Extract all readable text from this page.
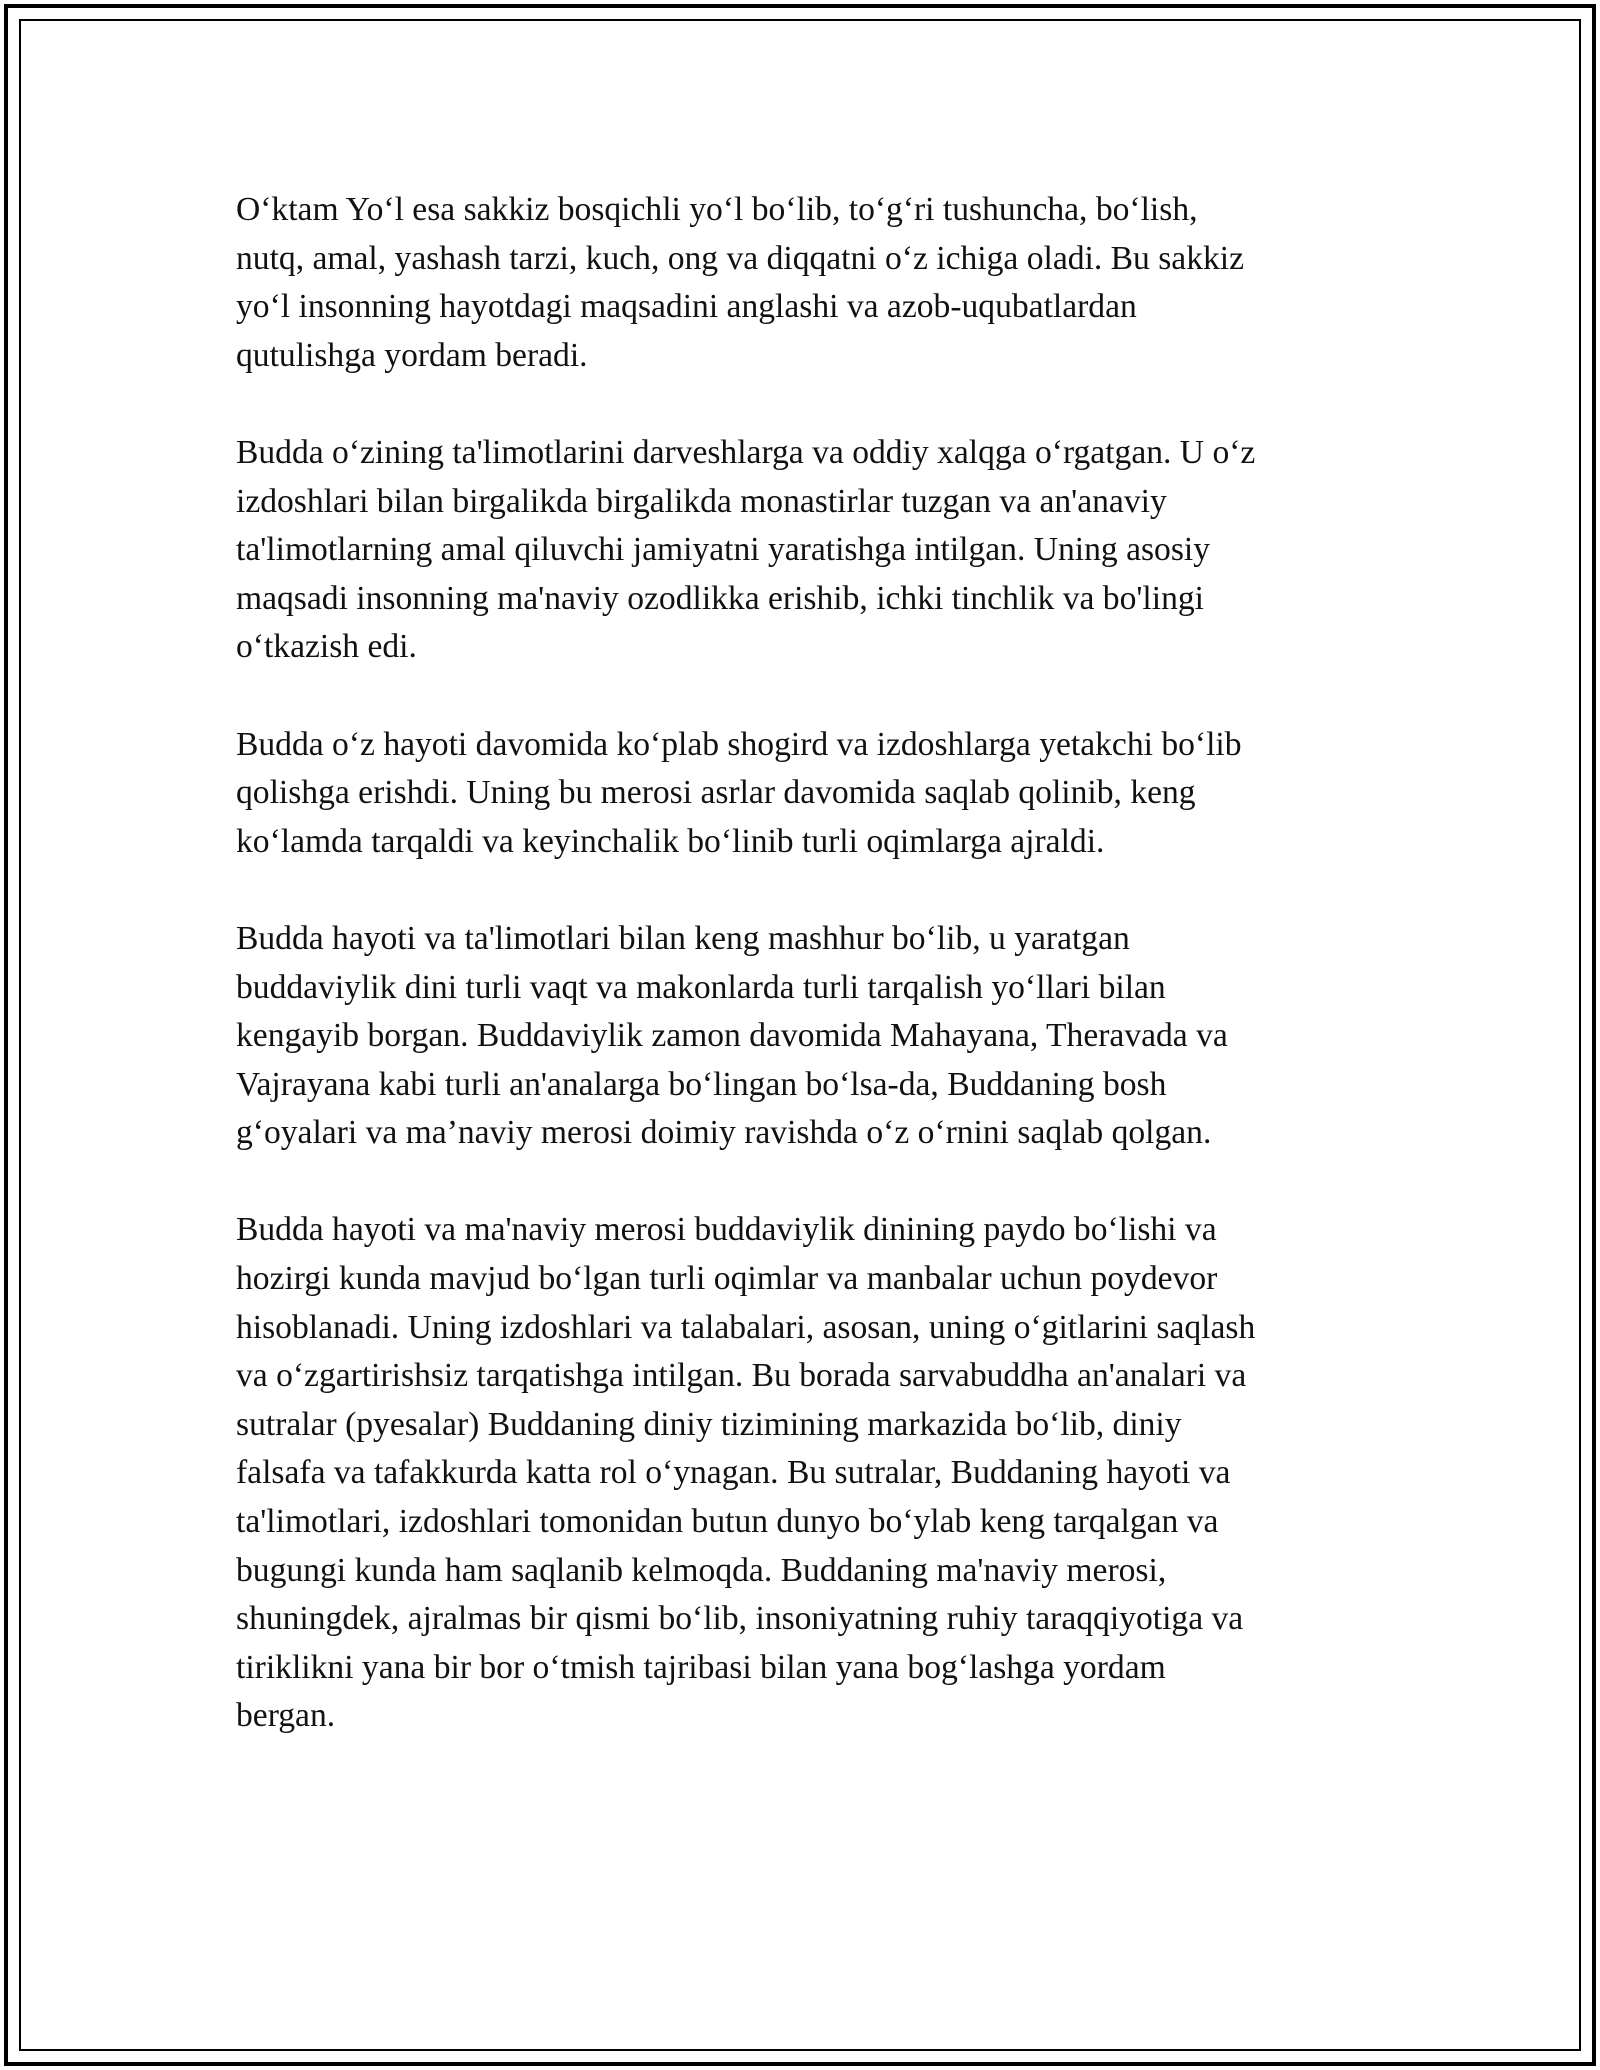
O‘ktam Yo‘l esa sakkiz bosqichli yo‘l bo‘lib, to‘g‘ri tushuncha, bo‘lish,
nutq, amal, yashash tarzi, kuch, ong va diqqatni o‘z ichiga oladi. Bu sakkiz
yo‘l insonning hayotdagi maqsadini anglashi va azob-uqubatlardan
qutulishga yordam beradi.

Budda o‘zining ta'limotlarini darveshlarga va oddiy xalqga o‘rgatgan. U o‘z
izdoshlari bilan birgalikda birgalikda monastirlar tuzgan va an'anaviy
ta'limotlarning amal qiluvchi jamiyatni yaratishga intilgan. Uning asosiy
maqsadi insonning ma'naviy ozodlikka erishib, ichki tinchlik va bo'lingi
o‘tkazish edi.

Budda o‘z hayoti davomida ko‘plab shogird va izdoshlarga yetakchi bo‘lib
qolishga erishdi. Uning bu merosi asrlar davomida saqlab qolinib, keng
ko‘lamda tarqaldi va keyinchalik bo‘linib turli oqimlarga ajraldi.

Budda hayoti va ta'limotlari bilan keng mashhur bo‘lib, u yaratgan
buddaviylik dini turli vaqt va makonlarda turli tarqalish yo‘llari bilan
kengayib borgan. Buddaviylik zamon davomida Mahayana, Theravada va
Vajrayana kabi turli an'analarga bo‘lingan bo‘lsa-da, Buddaning bosh
g‘oyalari va ma’naviy merosi doimiy ravishda o‘z o‘rnini saqlab qolgan.

Budda hayoti va ma'naviy merosi buddaviylik dinining paydo bo‘lishi va
hozirgi kunda mavjud bo‘lgan turli oqimlar va manbalar uchun poydevor
hisoblanadi. Uning izdoshlari va talabalari, asosan, uning o‘gitlarini saqlash
va o‘zgartirishsiz tarqatishga intilgan. Bu borada sarvabuddha an'analari va
sutralar (pyesalar) Buddaning diniy tizimining markazida bo‘lib, diniy
falsafa va tafakkurda katta rol o‘ynagan. Bu sutralar, Buddaning hayoti va
ta'limotlari, izdoshlari tomonidan butun dunyo bo‘ylab keng tarqalgan va
bugungi kunda ham saqlanib kelmoqda. Buddaning ma'naviy merosi,
shuningdek, ajralmas bir qismi bo‘lib, insoniyatning ruhiy taraqqiyotiga va
tiriklikni yana bir bor o‘tmish tajribasi bilan yana bog‘lashga yordam
bergan.
